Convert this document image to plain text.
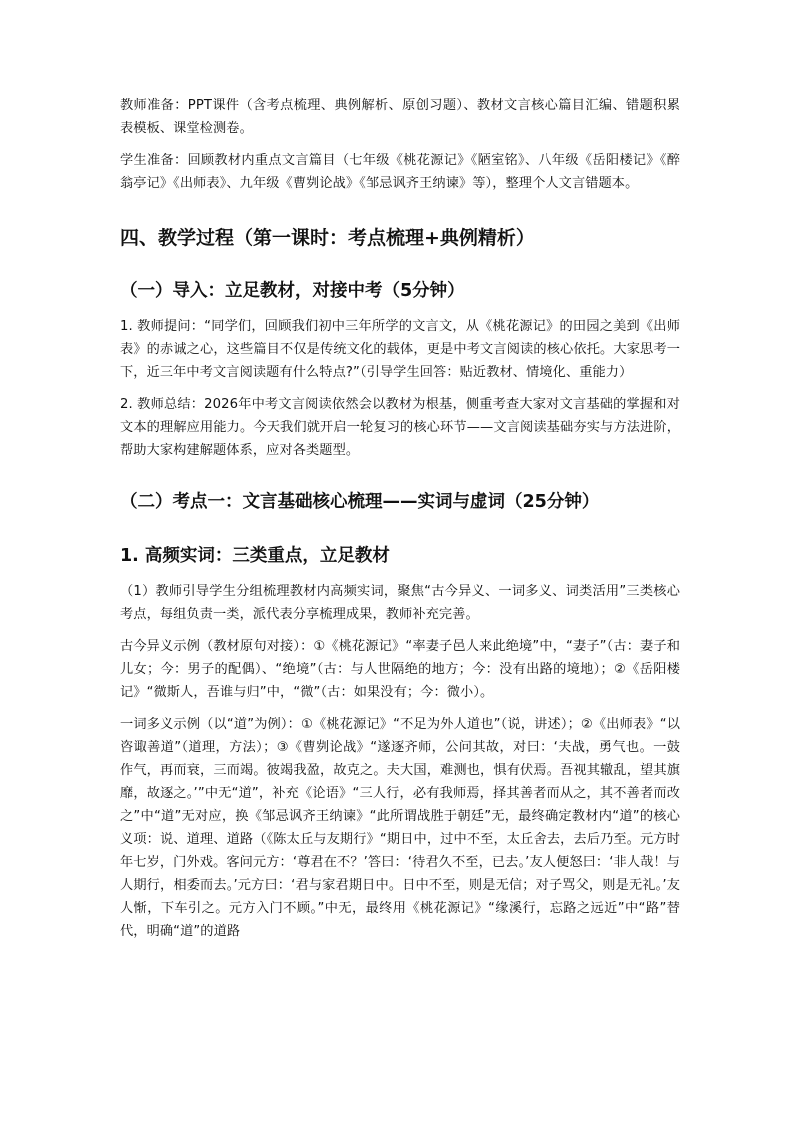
教师准备：PPT课件（含考点梳理、典例解析、原创习题）、教材文言核心篇目汇编、错题积累表模板、课堂检测卷。

学生准备：回顾教材内重点文言篇目（七年级《桃花源记》《陋室铭》、八年级《岳阳楼记》《醉翁亭记》《出师表》、九年级《曹刿论战》《邹忌讽齐王纳谏》等），整理个人文言错题本。

四、教学过程（第一课时：考点梳理+典例精析）
（一）导入：立足教材，对接中考（5分钟）

1. 教师提问：“同学们，回顾我们初中三年所学的文言文，从《桃花源记》的田园之美到《出师表》的赤诚之心，这些篇目不仅是传统文化的载体，更是中考文言阅读的核心依托。大家思考一下，近三年中考文言阅读题有什么特点?”（引导学生回答：贴近教材、情境化、重能力）

2. 教师总结：2026年中考文言阅读依然会以教材为根基，侧重考查大家对文言基础的掌握和对文本的理解应用能力。今天我们就开启一轮复习的核心环节——文言阅读基础夯实与方法进阶，帮助大家构建解题体系，应对各类题型。

（二）考点一：文言基础核心梳理——实词与虚词（25分钟）
1. 高频实词：三类重点，立足教材

（1）教师引导学生分组梳理教材内高频实词，聚焦“古今异义、一词多义、词类活用”三类核心考点，每组负责一类，派代表分享梳理成果，教师补充完善。

古今异义示例（教材原句对接）：①《桃花源记》“率妻子邑人来此绝境”中，“妻子”（古：妻子和儿女；今：男子的配偶）、“绝境”（古：与人世隔绝的地方；今：没有出路的境地）；②《岳阳楼记》“微斯人，吾谁与归”中，“微”（古：如果没有；今：微小）。

一词多义示例（以“道”为例）：①《桃花源记》“不足为外人道也”（说，讲述）；②《出师表》“以咨诹善道”（道理，方法）；③《曹刿论战》“遂逐齐师，公问其故，对曰：‘夫战，勇气也。一鼓作气，再而衰，三而竭。彼竭我盈，故克之。夫大国，难测也，惧有伏焉。吾视其辙乱，望其旗靡，故逐之。’”中无“道”，补充《论语》“三人行，必有我师焉，择其善者而从之，其不善者而改之”中“道”无对应，换《邹忌讽齐王纳谏》“此所谓战胜于朝廷”无，最终确定教材内“道”的核心义项：说、道理、道路（《陈太丘与友期行》“期日中，过中不至，太丘舍去，去后乃至。元方时年七岁，门外戏。客问元方：‘尊君在不？’答曰：‘待君久不至，已去。’友人便怒曰：‘非人哉！与人期行，相委而去。’元方曰：‘君与家君期日中。日中不至，则是无信；对子骂父，则是无礼。’友人惭，下车引之。元方入门不顾。”中无，最终用《桃花源记》“缘溪行，忘路之远近”中“路”替代，明确“道”的道路
